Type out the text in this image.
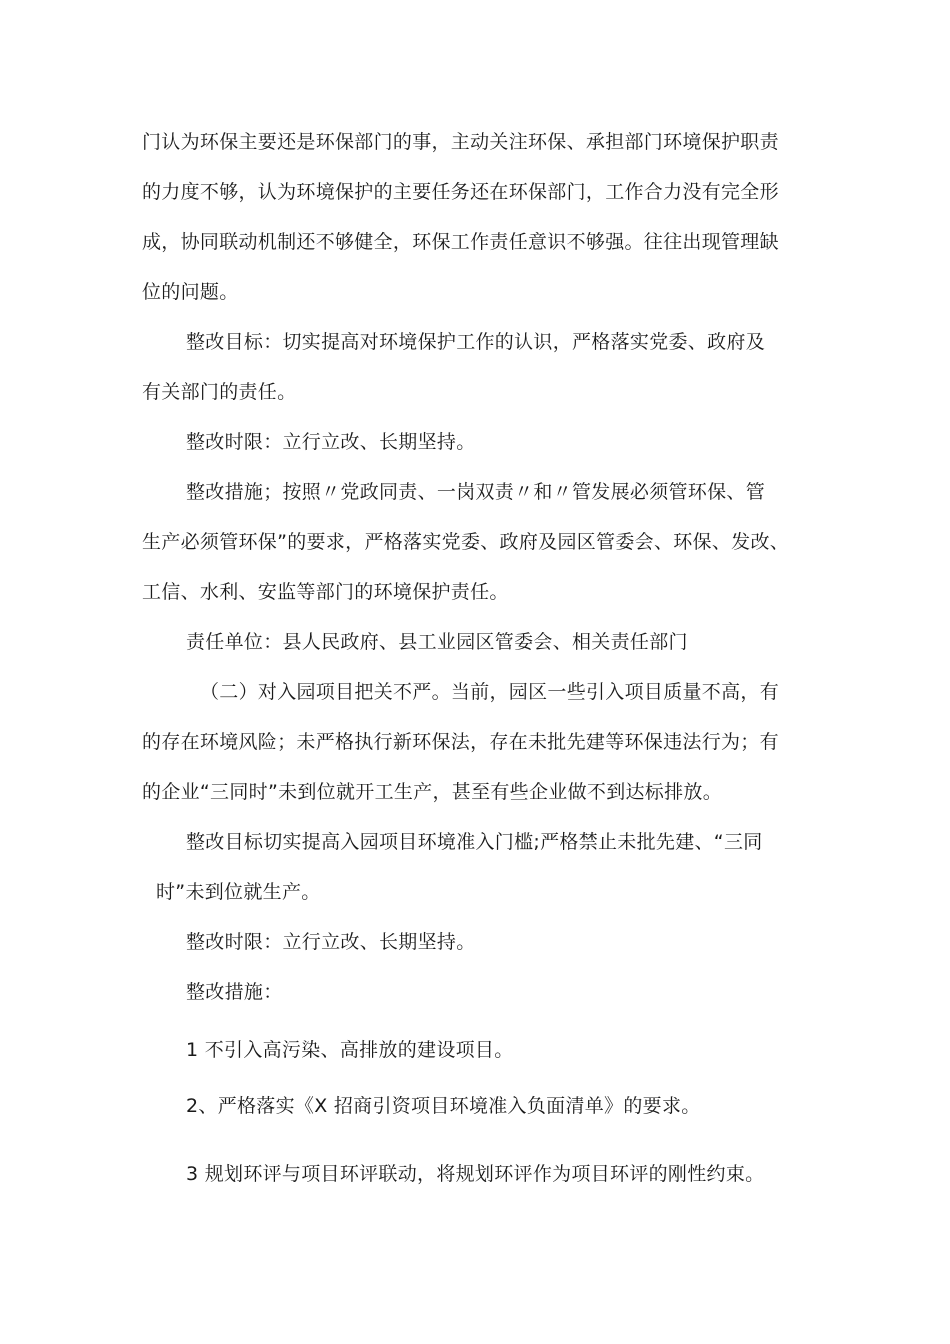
门认为环保主要还是环保部门的事，主动关注环保、承担部门环境保护职责
的力度不够，认为环境保护的主要任务还在环保部门，工作合力没有完全形
成，协同联动机制还不够健全，环保工作责任意识不够强。往往出现管理缺
位的问题。
整改目标：切实提高对环境保护工作的认识，严格落实党委、政府及
有关部门的责任。
整改时限：立行立改、长期坚持。
整改措施；按照〃党政同责、一岗双责〃和〃管发展必须管环保、管
生产必须管环保”的要求，严格落实党委、政府及园区管委会、环保、发改、
工信、水利、安监等部门的环境保护责任。
责任单位：县人民政府、县工业园区管委会、相关责任部门
（二）对入园项目把关不严。当前，园区一些引入项目质量不高，有
的存在环境风险；未严格执行新环保法，存在未批先建等环保违法行为；有
的企业“三同时”未到位就开工生产，甚至有些企业做不到达标排放。
整改目标切实提高入园项目环境准入门槛;严格禁止未批先建、“三同
时”未到位就生产。
整改时限：立行立改、长期坚持。
整改措施：
1 不引入高污染、高排放的建设项目。
2、严格落实《X 招商引资项目环境准入负面清单》的要求。
3 规划环评与项目环评联动，将规划环评作为项目环评的刚性约束。
